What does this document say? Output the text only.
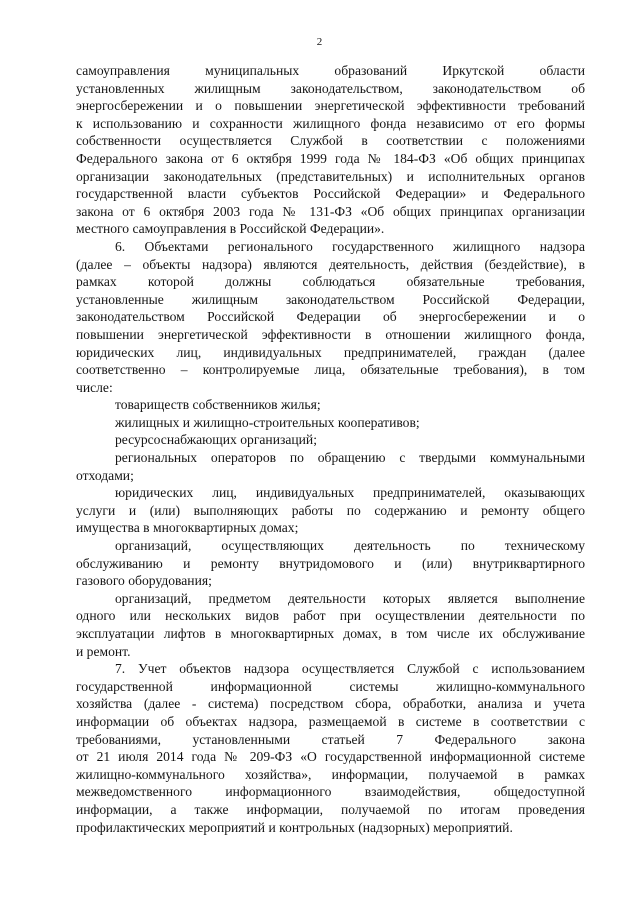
2

самоуправления муниципальных образований Иркутской области
установленных жилищным законодательством, законодательством об
энергосбережении и о повышении энергетической эффективности требований
к использованию и сохранности жилищного фонда независимо от его формы
собственности осуществляется Службой в соответствии с положениями
Федерального закона от 6 октября 1999 года № 184-ФЗ «Об общих принципах
организации законодательных (представительных) и исполнительных органов
государственной власти субъектов Российской Федерации» и Федерального
закона от 6 октября 2003 года № 131-ФЗ «Об общих принципах организации
местного самоуправления в Российской Федерации».

6. Объектами регионального государственного жилищного надзора
(далее – объекты надзора) являются деятельность, действия (бездействие), в
рамках которой должны соблюдаться обязательные требования,
установленные жилищным законодательством Российской Федерации,
законодательством Российской Федерации об энергосбережении и о
повышении энергетической эффективности в отношении жилищного фонда,
юридических лиц, индивидуальных предпринимателей, граждан (далее
соответственно – контролируемые лица, обязательные требования), в том
числе:

товариществ собственников жилья;

жилищных и жилищно-строительных кооперативов;

ресурсоснабжающих организаций;

региональных операторов по обращению с твердыми коммунальными
отходами;

юридических лиц, индивидуальных предпринимателей, оказывающих
услуги и (или) выполняющих работы по содержанию и ремонту общего
имущества в многоквартирных домах;

организаций, осуществляющих деятельность по техническому
обслуживанию и ремонту внутридомового и (или) внутриквартирного
газового оборудования;

организаций, предметом деятельности которых является выполнение
одного или нескольких видов работ при осуществлении деятельности по
эксплуатации лифтов в многоквартирных домах, в том числе их обслуживание
и ремонт.

7. Учет объектов надзора осуществляется Службой с использованием
государственной информационной системы жилищно-коммунального
хозяйства (далее - система) посредством сбора, обработки, анализа и учета
информации об объектах надзора, размещаемой в системе в соответствии с
требованиями, установленными статьей 7 Федерального закона
от 21 июля 2014 года № 209-ФЗ «О государственной информационной системе
жилищно-коммунального хозяйства», информации, получаемой в рамках
межведомственного информационного взаимодействия, общедоступной
информации, а также информации, получаемой по итогам проведения
профилактических мероприятий и контрольных (надзорных) мероприятий.
